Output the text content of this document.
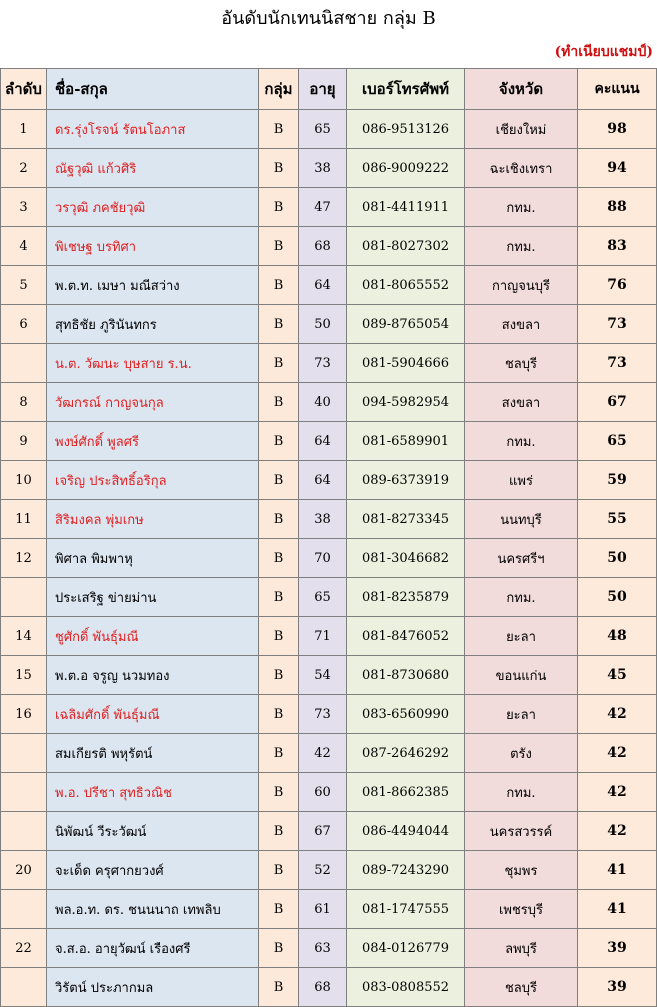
อันดับนักเทนนิสชาย กลุ่ม B
(ทำเนียบแชมป์)
ลำดับ	ชื่อ-สกุล	กลุ่ม	อายุ	เบอร์โทรศัพท์	จังหวัด	คะแนน
1	ดร.รุ่งโรจน์ รัตนโอภาส	B	65	086-9513126	เชียงใหม่	98
2	ณัฐวุฒิ แก้วศิริ	B	38	086-9009222	ฉะเชิงเทรา	94
3	วรวุฒิ ภคชัยวุฒิ	B	47	081-4411911	กทม.	88
4	พิเชษฐ บรทิศา	B	68	081-8027302	กทม.	83
5	พ.ต.ท. เมษา มณีสว่าง	B	64	081-8065552	กาญจนบุรี	76
6	สุทธิชัย ภูรินันทกร	B	50	089-8765054	สงขลา	73
	น.ต. วัฒนะ บุษสาย ร.น.	B	73	081-5904666	ชลบุรี	73
8	วัฒกรณ์ กาญจนกุล	B	40	094-5982954	สงขลา	67
9	พงษ์ศักดิ์ พูลศรี	B	64	081-6589901	กทม.	65
10	เจริญ ประสิทธิ์อริกุล	B	64	089-6373919	แพร่	59
11	สิริมงคล พุ่มเกษ	B	38	081-8273345	นนทบุรี	55
12	พิศาล พิมพาหุ	B	70	081-3046682	นครศรีฯ	50
	ประเสริฐ ข่ายม่าน	B	65	081-8235879	กทม.	50
14	ชูศักดิ์ พันธุ์มณี	B	71	081-8476052	ยะลา	48
15	พ.ต.อ จรูญ นวมทอง	B	54	081-8730680	ขอนแก่น	45
16	เฉลิมศักดิ์ พันธุ์มณี	B	73	083-6560990	ยะลา	42
	สมเกียรติ พหุรัตน์	B	42	087-2646292	ตรัง	42
	พ.อ. ปรีชา สุทธิวณิช	B	60	081-8662385	กทม.	42
	นิพัฒน์ วีระวัฒน์	B	67	086-4494044	นครสวรรค์	42
20	จะเด็ด ครุศากยวงศ์	B	52	089-7243290	ชุมพร	41
	พล.อ.ท. ดร. ชนนนาถ เทพลิบ	B	61	081-1747555	เพชรบุรี	41
22	จ.ส.อ. อายุวัฒน์ เรืองศรี	B	63	084-0126779	ลพบุรี	39
	วิรัตน์ ประภากมล	B	68	083-0808552	ชลบุรี	39
